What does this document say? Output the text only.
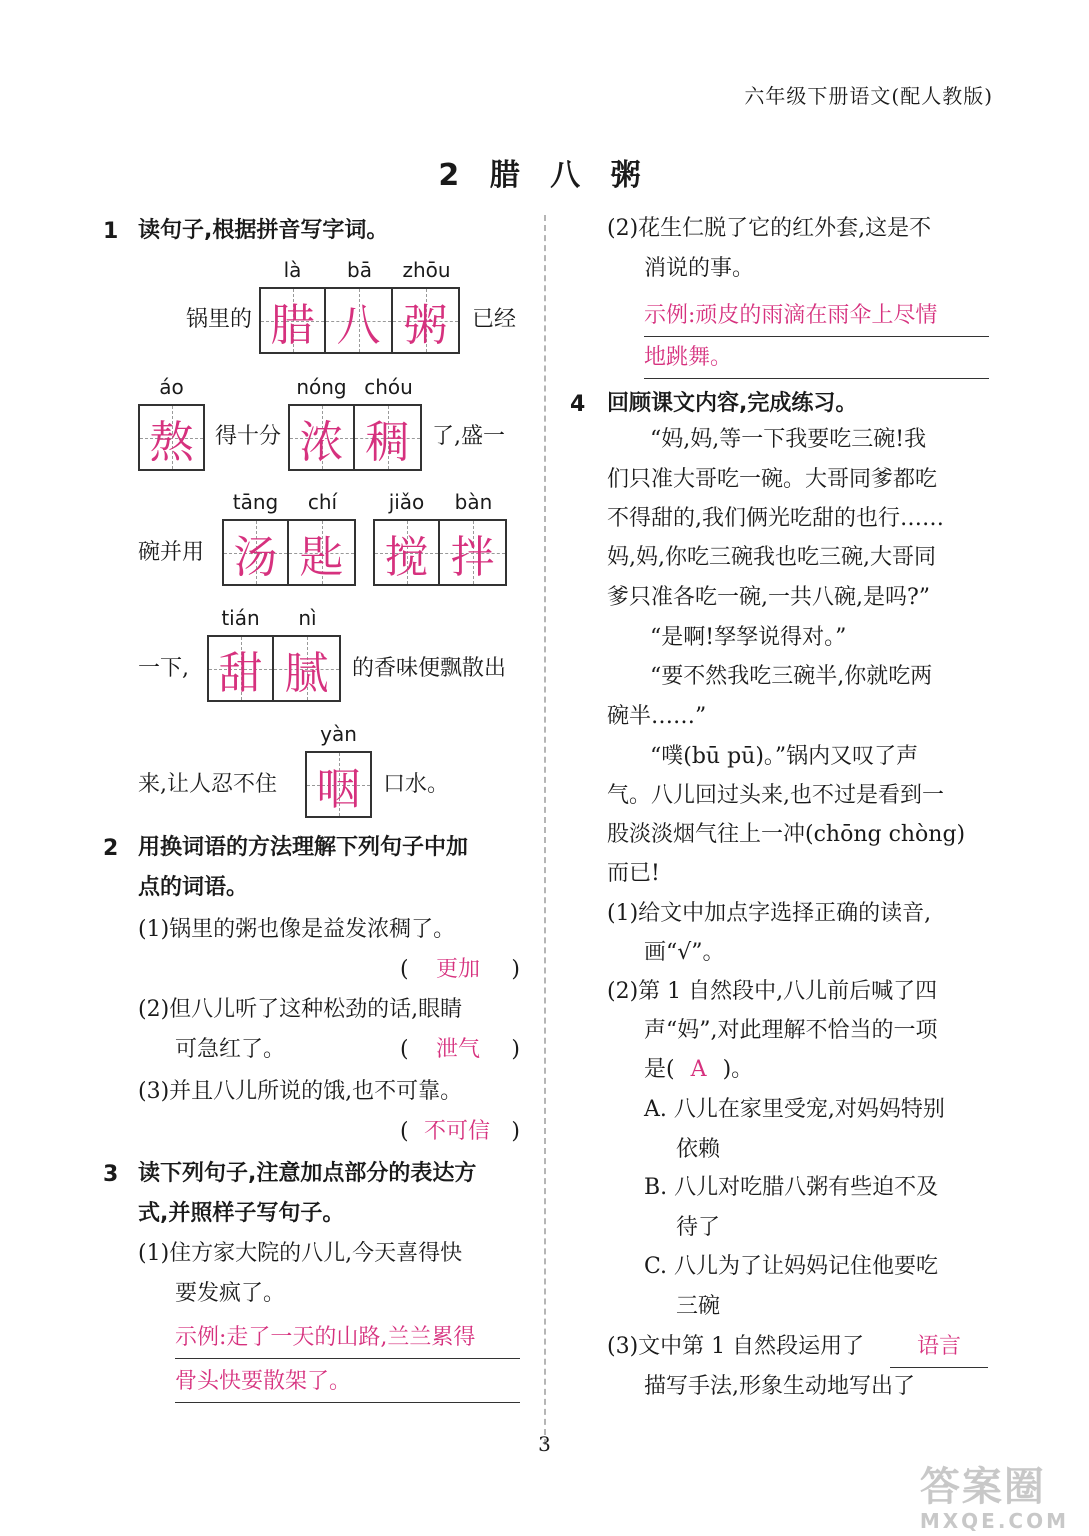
六年级下册语文(配人教版)
2 腊 八 粥
1 读句子,根据拼音写字词。
là	bā	zhōu
腊 八 粥
锅里的	已经
áo
熬 得十分
nóng chóu
浓 稠	了,盛一
碗并用
tāng	chí
汤 匙
jiǎo	bàn
搅 拌
一下,
tián	nì
甜 腻	的香味便飘散出
来,让人忍不住
yàn
咽	口水。
2 用换词语的方法理解下列句子中加
点的词语。
(1)锅里的粥也像是益发浓稠了。
( 更加 )
(2)但八儿听了这种松劲的话,眼睛
可急红了。	( 泄气 )
(3)并且八儿所说的饿,也不可靠。
( 不可信 )
3 读下列句子,注意加点部分的表达方
式,并照样子写句子。
(1)住方家大院的八儿,今天喜得快
要发疯了。
示例:走了一天的山路,兰兰累得
骨头快要散架了。
(2)花生仁脱了它的红外套,这是不
消说的事。
示例:顽皮的雨滴在雨伞上尽情
地跳舞。
4 回顾课文内容,完成练习。
“妈,妈,等一下我要吃三碗!我
们只准大哥吃一碗。大哥同爹都吃
不得甜的,我们俩光吃甜的也行……
妈,妈,你吃三碗我也吃三碗,大哥同
爹只准各吃一碗,一共八碗,是吗?”
“是啊!孥孥说得对。”
“要不然我吃三碗半,你就吃两
碗半……”
“噗(bū pū)。”锅内又叹了声
气。八儿回过头来,也不过是看到一
股淡淡烟气往上一冲(chōng chòng)
而已!
(1)给文中加点字选择正确的读音,
画“√”。
(2)第 1 自然段中,八儿前后喊了四
声“妈”,对此理解不恰当的一项
是( A )。
A. 八儿在家里受宠,对妈妈特别
依赖
B. 八儿对吃腊八粥有些迫不及
待了
C. 八儿为了让妈妈记住他要吃
三碗
(3)文中第 1 自然段运用了	语言
描写手法,形象生动地写出了
3
答案圈
MXQE.COM
